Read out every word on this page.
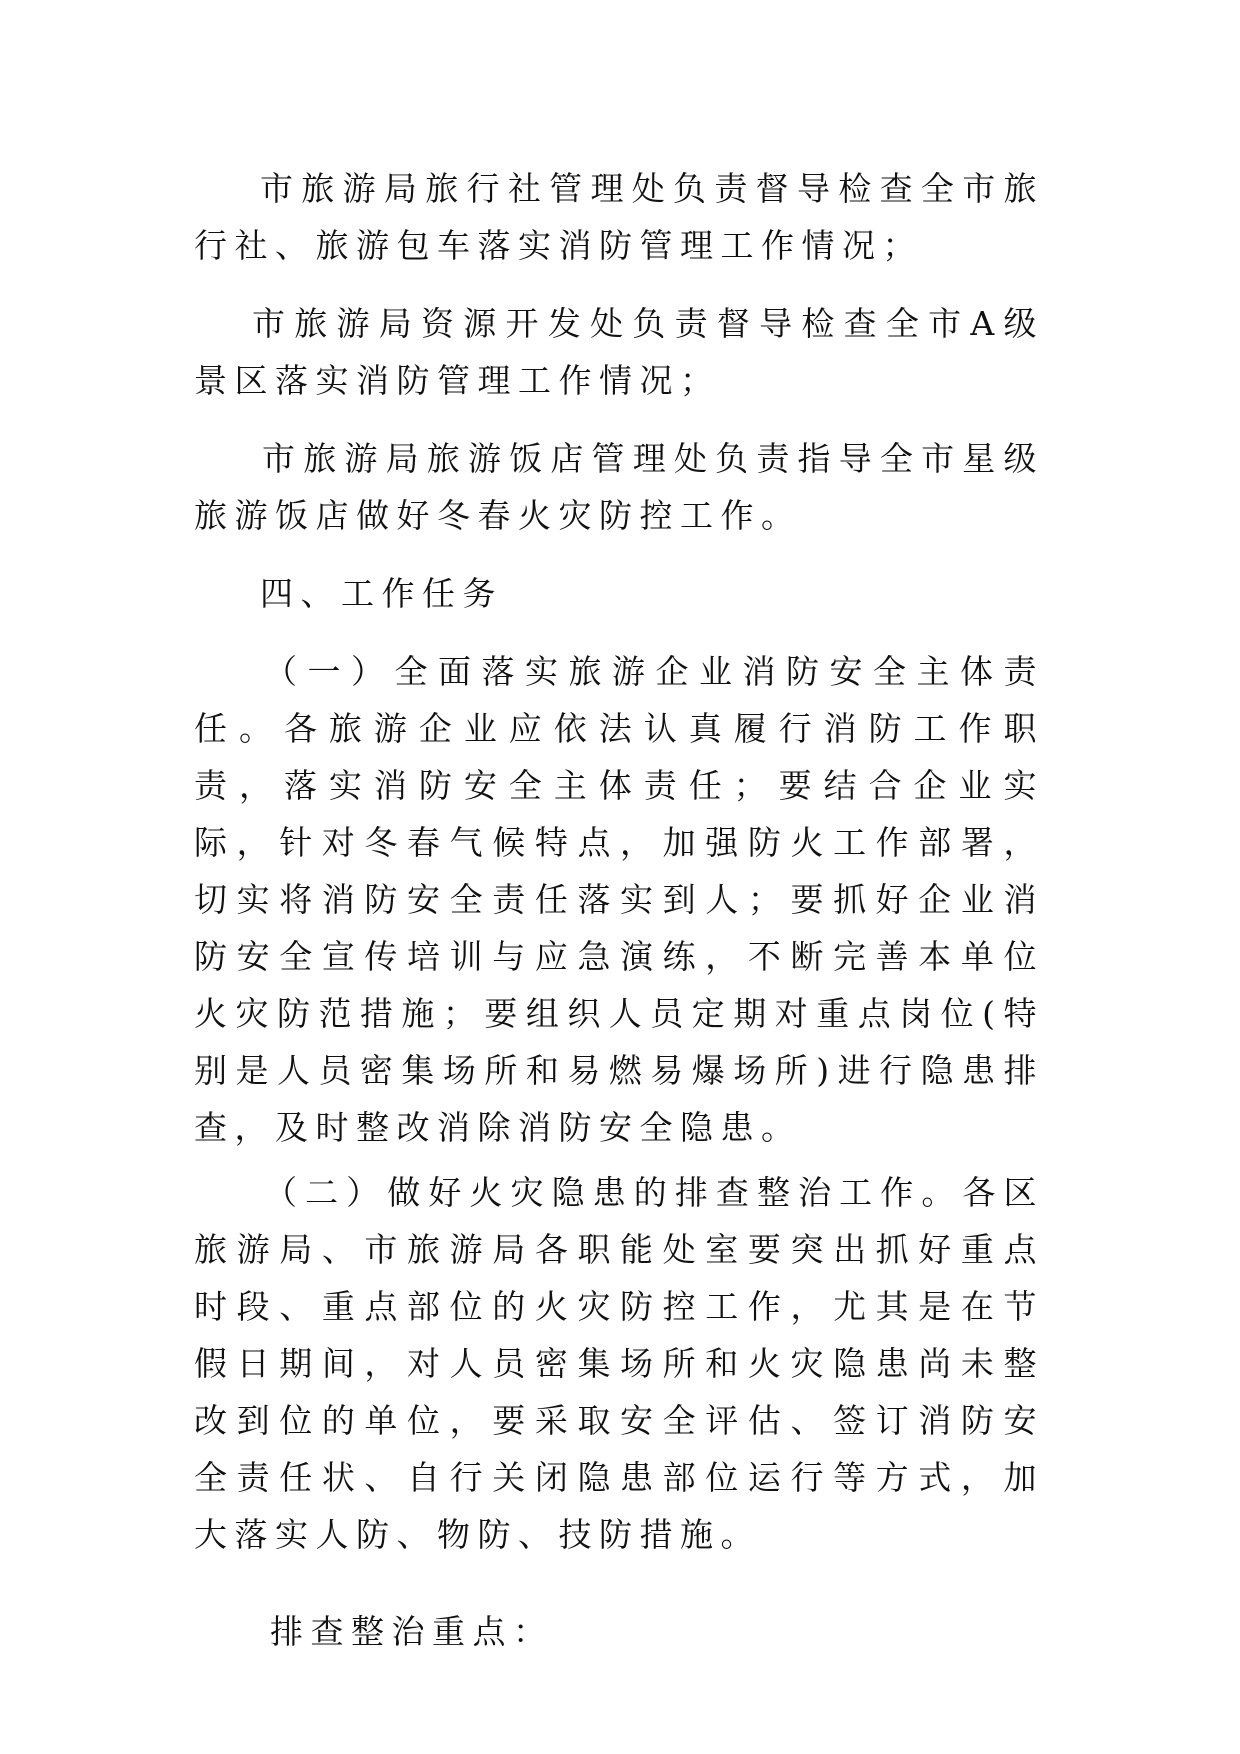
市旅游局旅行社管理处负责督导检查全市旅行社、旅游包车落实消防管理工作情况；

市旅游局资源开发处负责督导检查全市A级景区落实消防管理工作情况；

市旅游局旅游饭店管理处负责指导全市星级旅游饭店做好冬春火灾防控工作。

四、工作任务

（一）全面落实旅游企业消防安全主体责任。各旅游企业应依法认真履行消防工作职责，落实消防安全主体责任；要结合企业实际，针对冬春气候特点，加强防火工作部署，切实将消防安全责任落实到人；要抓好企业消防安全宣传培训与应急演练，不断完善本单位火灾防范措施；要组织人员定期对重点岗位(特别是人员密集场所和易燃易爆场所)进行隐患排查，及时整改消除消防安全隐患。

（二）做好火灾隐患的排查整治工作。各区旅游局、市旅游局各职能处室要突出抓好重点时段、重点部位的火灾防控工作，尤其是在节假日期间，对人员密集场所和火灾隐患尚未整改到位的单位，要采取安全评估、签订消防安全责任状、自行关闭隐患部位运行等方式，加大落实人防、物防、技防措施。

排查整治重点：
